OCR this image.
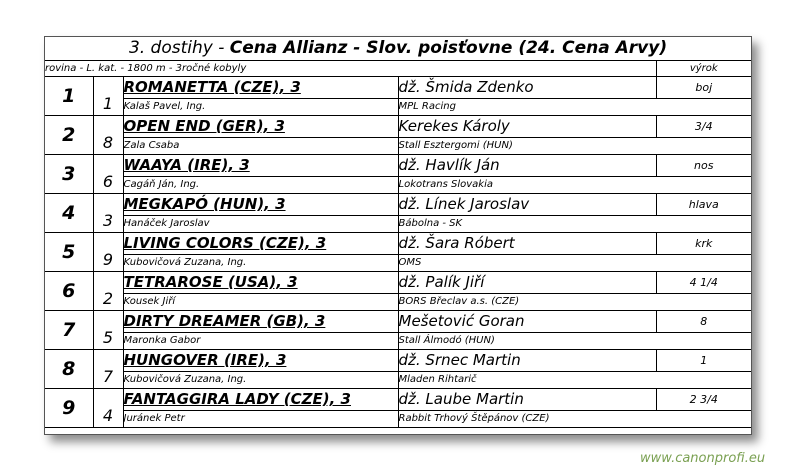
3. dostihy - Cena Allianz - Slov. poisťovne (24. Cena Arvy)				
rovina - L. kat. - 1800 m - 3ročné kobyly				výrok
1	1	ROMANETTA (CZE), 3	dž. Šmida Zdenko	boj
		Kalaš Pavel, Ing.	MPL Racing	
2	8	OPEN END (GER), 3	Kerekes Károly	3/4
		Zala Csaba	Stall Esztergomi (HUN)	
3	6	WAAYA (IRE), 3	dž. Havlík Ján	nos
		Cagáň Ján, Ing.	Lokotrans Slovakia	
4	3	MEGKAPÓ (HUN), 3	dž. Línek Jaroslav	hlava
		Hanáček Jaroslav	Bábolna - SK	
5	9	LIVING COLORS (CZE), 3	dž. Šara Róbert	krk
		Kubovičová Zuzana, Ing.	OMS	
6	2	TETRAROSE (USA), 3	dž. Palík Jiří	4 1/4
		Kousek Jiří	BORS Břeclav a.s. (CZE)	
7	5	DIRTY DREAMER (GB), 3	Mešetović Goran	8
		Maronka Gabor	Stall Álmodó (HUN)	
8	7	HUNGOVER (IRE), 3	dž. Srnec Martin	1
		Kubovičová Zuzana, Ing.	Mladen Rihtarič	
9	4	FANTAGGIRA LADY (CZE), 3	dž. Laube Martin	2 3/4
		Juránek Petr	Rabbit Trhový Štěpánov (CZE)	
www.canonprofi.eu
